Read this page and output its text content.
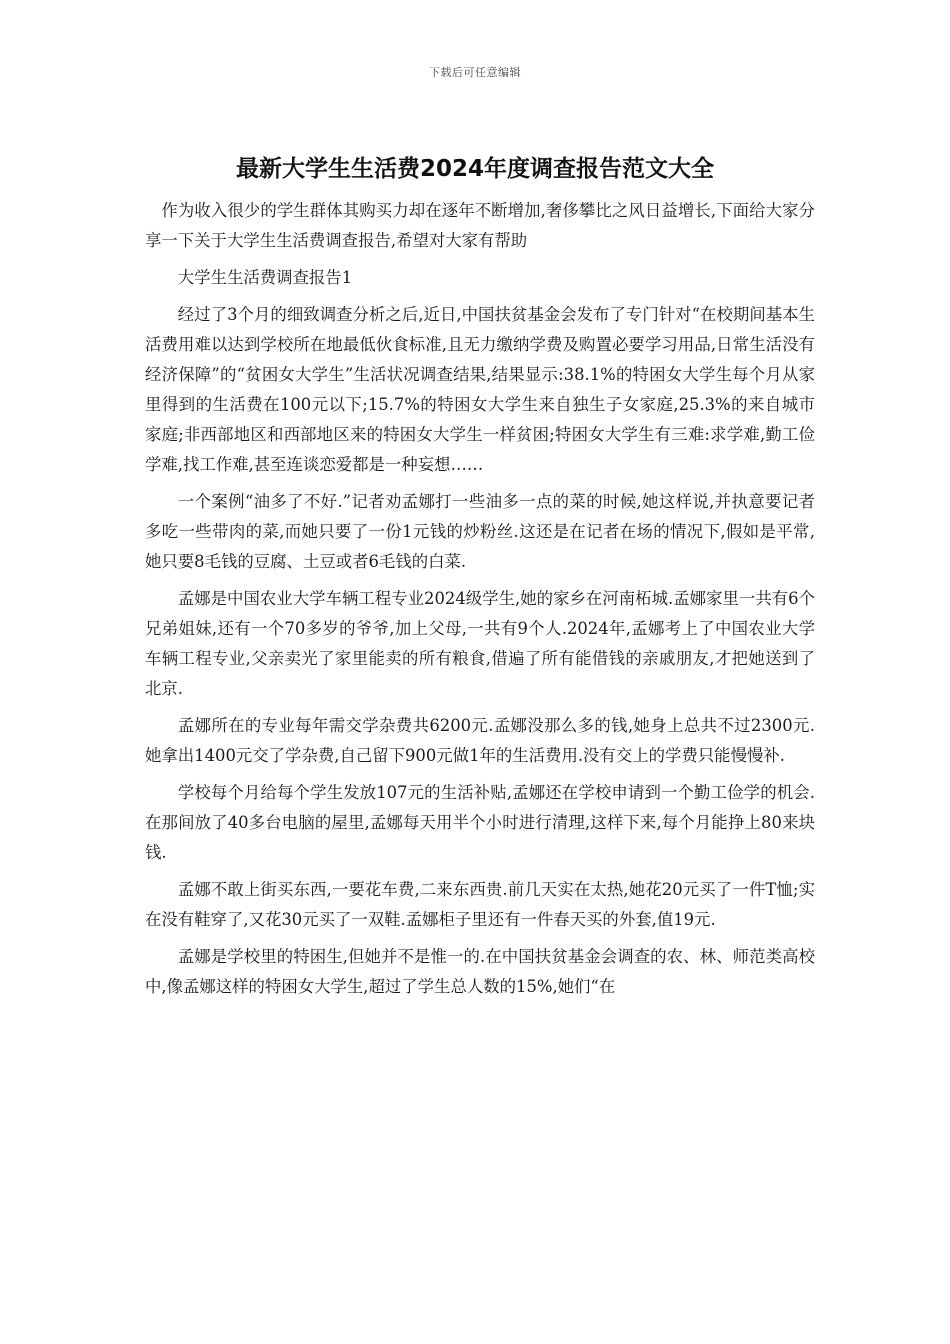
下载后可任意编辑
最新大学生生活费2024年度调查报告范文大全

作为收入很少的学生群体其购买力却在逐年不断增加,奢侈攀比之风日益增长,下面给大家分享一下关于大学生生活费调查报告,希望对大家有帮助

大学生生活费调查报告1

经过了3个月的细致调查分析之后,近日,中国扶贫基金会发布了专门针对“在校期间基本生活费用难以达到学校所在地最低伙食标准,且无力缴纳学费及购置必要学习用品,日常生活没有经济保障”的“贫困女大学生”生活状况调查结果,结果显示:38.1%的特困女大学生每个月从家里得到的生活费在100元以下;15.7%的特困女大学生来自独生子女家庭,25.3%的来自城市家庭;非西部地区和西部地区来的特困女大学生一样贫困;特困女大学生有三难:求学难,勤工俭学难,找工作难,甚至连谈恋爱都是一种妄想……

一个案例“油多了不好.”记者劝孟娜打一些油多一点的菜的时候,她这样说,并执意要记者多吃一些带肉的菜,而她只要了一份1元钱的炒粉丝.这还是在记者在场的情况下,假如是平常,她只要8毛钱的豆腐、土豆或者6毛钱的白菜.

孟娜是中国农业大学车辆工程专业2024级学生,她的家乡在河南柘城.孟娜家里一共有6个兄弟姐妹,还有一个70多岁的爷爷,加上父母,一共有9个人.2024年,孟娜考上了中国农业大学车辆工程专业,父亲卖光了家里能卖的所有粮食,借遍了所有能借钱的亲戚朋友,才把她送到了北京.

孟娜所在的专业每年需交学杂费共6200元.孟娜没那么多的钱,她身上总共不过2300元.她拿出1400元交了学杂费,自己留下900元做1年的生活费用.没有交上的学费只能慢慢补.

学校每个月给每个学生发放107元的生活补贴,孟娜还在学校申请到一个勤工俭学的机会.在那间放了40多台电脑的屋里,孟娜每天用半个小时进行清理,这样下来,每个月能挣上80来块钱.

孟娜不敢上街买东西,一要花车费,二来东西贵.前几天实在太热,她花20元买了一件T恤;实在没有鞋穿了,又花30元买了一双鞋.孟娜柜子里还有一件春天买的外套,值19元.

孟娜是学校里的特困生,但她并不是惟一的.在中国扶贫基金会调查的农、林、师范类高校中,像孟娜这样的特困女大学生,超过了学生总人数的15%,她们“在
